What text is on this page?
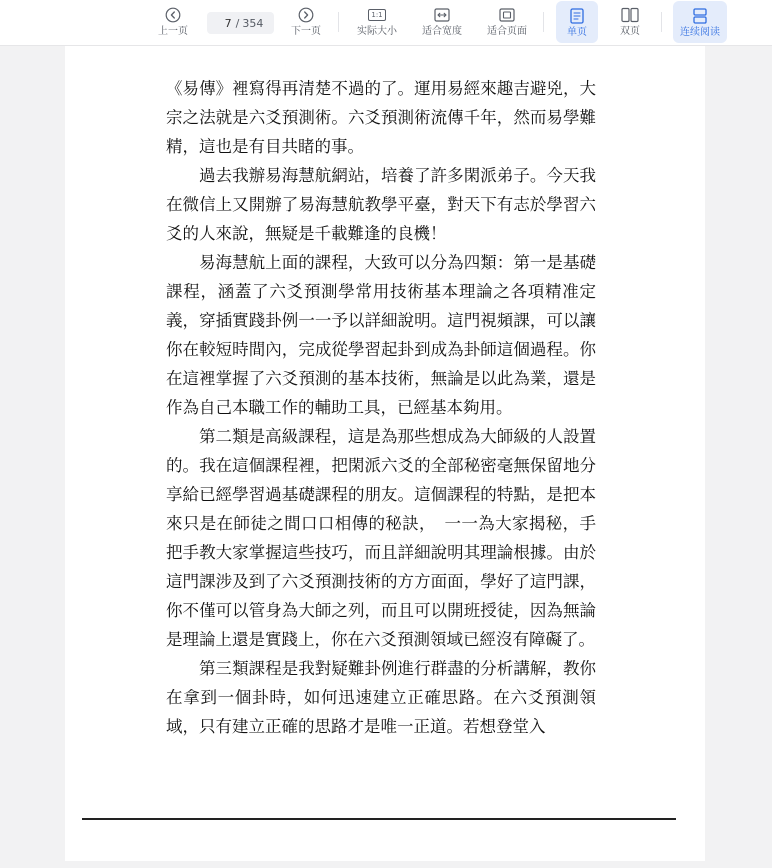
上一页
7
/ 354
下一页
1:1
实际大小	适合宽度	适合页面	单页	双页	连续阅读

《易傳》裡寫得再清楚不過的了。運用易經來趣吉避兇，大宗之法就是六爻預測術。六爻預測術流傳千年，然而易學難精，這也是有目共睹的事。

過去我辦易海慧航網站，培養了許多閑派弟子。今天我在微信上又開辦了易海慧航教學平臺，對天下有志於學習六爻的人來說，無疑是千載難逢的良機！

易海慧航上面的課程，大致可以分為四類：第一是基礎課程，涵蓋了六爻預測學常用技術基本理論之各項精准定義，穿插實踐卦例一一予以詳細說明。這門視頻課，可以讓你在較短時間內，完成從學習起卦到成為卦師這個過程。你在這裡掌握了六爻預測的基本技術，無論是以此為業，還是作為自己本職工作的輔助工具，已經基本夠用。

第二類是高級課程，這是為那些想成為大師級的人設置的。我在這個課程裡，把閑派六爻的全部秘密毫無保留地分享給已經學習過基礎課程的朋友。這個課程的特點，是把本來只是在師徒之間口口相傳的秘訣，　一一為大家揭秘，手把手教大家掌握這些技巧，而且詳細說明其理論根據。由於這門課涉及到了六爻預測技術的方方面面，學好了這門課，你不僅可以管身為大師之列，而且可以開班授徒，因為無論是理論上還是實踐上，你在六爻預測領域已經沒有障礙了。

第三類課程是我對疑難卦例進行群盡的分析講解，教你在拿到一個卦時，如何迅速建立正確思路。在六爻預測領域，只有建立正確的思路才是唯一正道。若想登堂入
